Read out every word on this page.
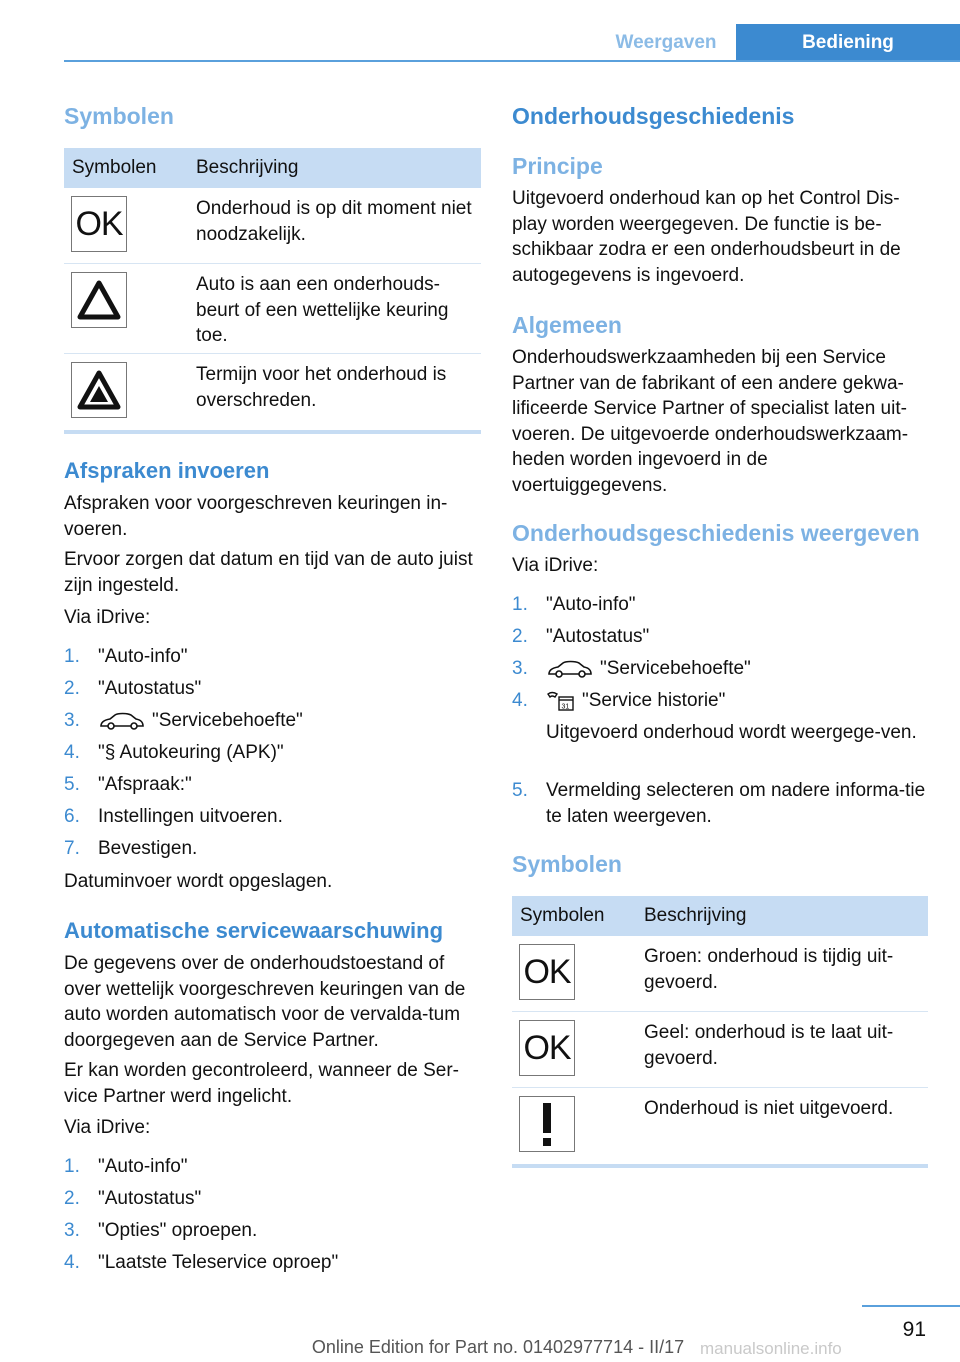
Weergaven	Bediening
Symbolen
Symbolen Beschrijving
OK	Onderhoud is op dit moment niet noodzakelijk.
Auto is aan een onderhouds-beurt of een wettelijke keuring toe.
Termijn voor het onderhoud is overschreden.
Afspraken invoeren
Afspraken voor voorgeschreven keuringen in-voeren.
Ervoor zorgen dat datum en tijd van de auto juist zijn ingesteld.
Via iDrive:
1. "Auto-info"
2. "Autostatus"
3.	"Servicebehoefte"
4. "§ Autokeuring (APK)"
5. "Afspraak:"
6. Instellingen uitvoeren.
7. Bevestigen.
Datuminvoer wordt opgeslagen.
Automatische servicewaarschuwing
De gegevens over de onderhoudstoestand of over wettelijk voorgeschreven keuringen van de auto worden automatisch voor de vervalda-tum doorgegeven aan de Service Partner.
Er kan worden gecontroleerd, wanneer de Ser-vice Partner werd ingelicht.
Via iDrive:
1. "Auto-info"
2. "Autostatus"
3. "Opties" oproepen.
4. "Laatste Teleservice oproep"
Onderhoudsgeschiedenis
Principe
Uitgevoerd onderhoud kan op het Control Dis-play worden weergegeven. De functie is be-schikbaar zodra er een onderhoudsbeurt in de autogegevens is ingevoerd.
Algemeen
Onderhoudswerkzaamheden bij een Service Partner van de fabrikant of een andere gekwa-lificeerde Service Partner of specialist laten uit-voeren. De uitgevoerde onderhoudswerkzaam-heden worden ingevoerd in de voertuiggegevens.
Onderhoudsgeschiedenis weergeven
Via iDrive:
1. "Auto-info"
2. "Autostatus"
3.	"Servicebehoefte"
4.	31 "Service historie"
Uitgevoerd onderhoud wordt weergege-ven.
5. Vermelding selecteren om nadere informa-tie te laten weergeven.
Symbolen
Symbolen Beschrijving
OK	Groen: onderhoud is tijdig uit-gevoerd.
OK	Geel: onderhoud is te laat uit-gevoerd.
Onderhoud is niet uitgevoerd.
91
Online Edition for Part no. 01402977714 - II/17 manualsonline.info
